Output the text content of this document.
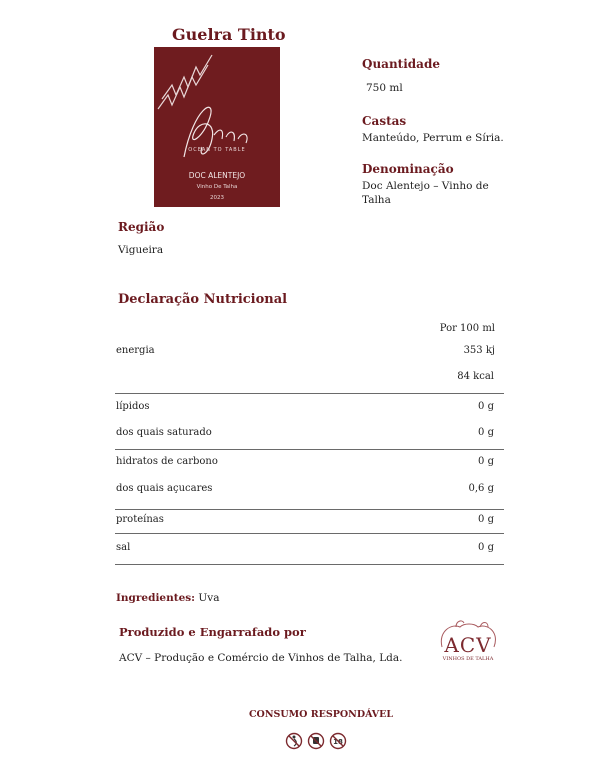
Guelra Tinto
OCEAN TO TABLE
DOC ALENTEJO
Vinho De Talha
2023
Quantidade
750 ml
Castas
Manteúdo, Perrum e Síria.
Denominação
Doc Alentejo – Vinho de
Talha
Região
Vigueira
Declaração Nutricional
Por 100 ml
energia	353 kj
84 kcal
lípidos	0 g
dos quais saturado	0 g
hidratos de carbono	0 g
dos quais açucares	0,6 g
proteínas	0 g
sal	0 g
Ingredientes: Uva
Produzido e Engarrafado por
ACV – Produção e Comércio de Vinhos de Talha, Lda.
ACV
VINHOS DE TALHA
CONSUMO RESPONDÁVEL
18
